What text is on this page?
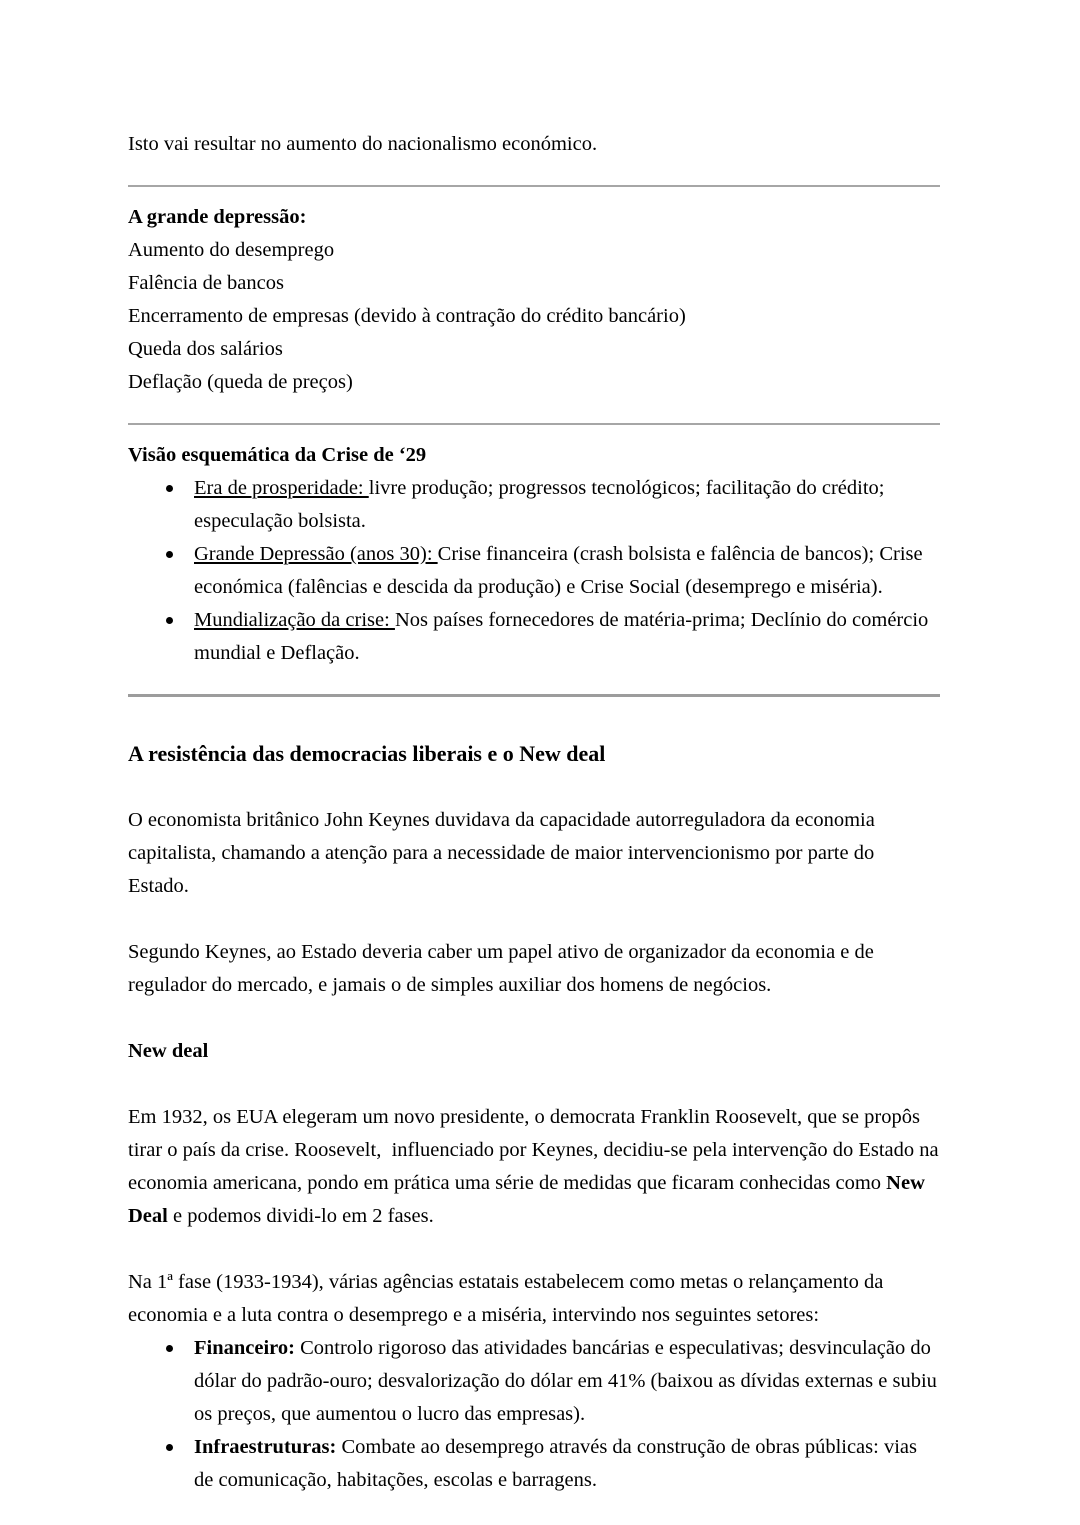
Isto vai resultar no aumento do nacionalismo económico.

A grande depressão:

Aumento do desemprego

Falência de bancos

Encerramento de empresas (devido à contração do crédito bancário)

Queda dos salários

Deflação (queda de preços)

Visão esquemática da Crise de ‘29

Era de prosperidade: livre produção; progressos tecnológicos; facilitação do crédito; especulação bolsista.
Grande Depressão (anos 30): Crise financeira (crash bolsista e falência de bancos); Crise económica (falências e descida da produção) e Crise Social (desemprego e miséria).
Mundialização da crise: Nos países fornecedores de matéria-prima; Declínio do comércio mundial e Deflação.

A resistência das democracias liberais e o New deal

O economista britânico John Keynes duvidava da capacidade autorreguladora da economia capitalista, chamando a atenção para a necessidade de maior intervencionismo por parte do Estado.

Segundo Keynes, ao Estado deveria caber um papel ativo de organizador da economia e de regulador do mercado, e jamais o de simples auxiliar dos homens de negócios.

New deal

Em 1932, os EUA elegeram um novo presidente, o democrata Franklin Roosevelt, que se propôs tirar o país da crise. Roosevelt,  influenciado por Keynes, decidiu-se pela intervenção do Estado na economia americana, pondo em prática uma série de medidas que ficaram conhecidas como New Deal e podemos dividi-lo em 2 fases.

Na 1ª fase (1933-1934), várias agências estatais estabelecem como metas o relançamento da economia e a luta contra o desemprego e a miséria, intervindo nos seguintes setores:

Financeiro: Controlo rigoroso das atividades bancárias e especulativas; desvinculação do dólar do padrão-ouro; desvalorização do dólar em 41% (baixou as dívidas externas e subiu os preços, que aumentou o lucro das empresas).
Infraestruturas: Combate ao desemprego através da construção de obras públicas: vias de comunicação, habitações, escolas e barragens.
